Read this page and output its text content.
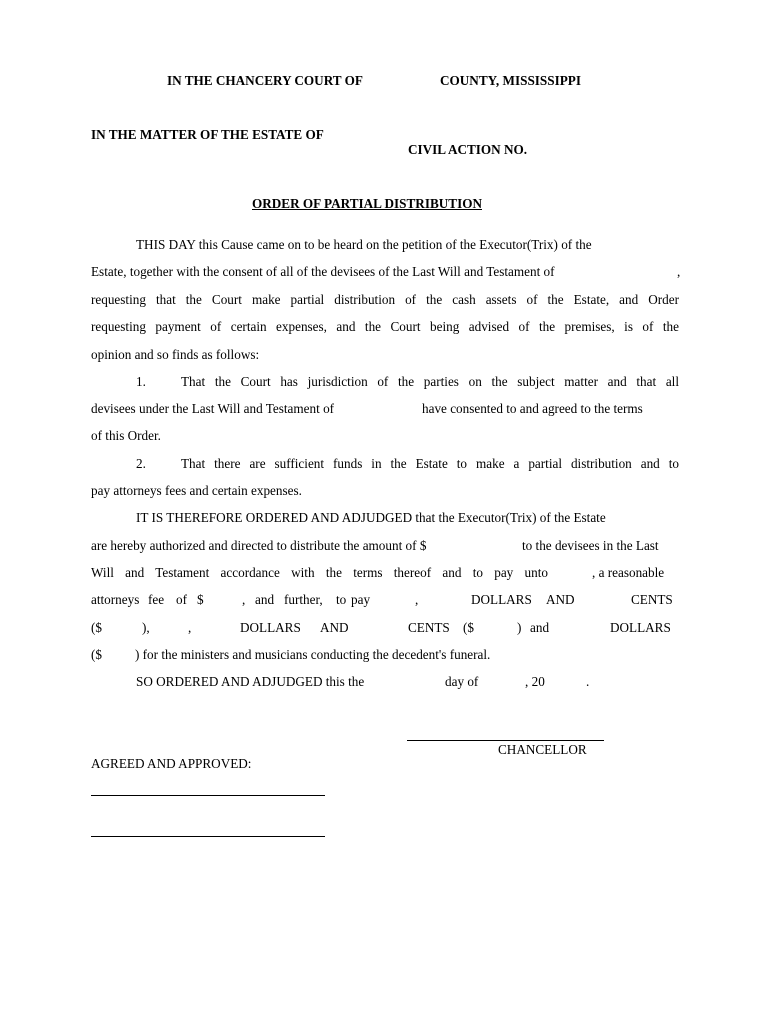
IN THE CHANCERY COURT OF	COUNTY, MISSISSIPPI
IN THE MATTER OF THE ESTATE OF
CIVIL ACTION NO.
ORDER OF PARTIAL DISTRIBUTION
THIS DAY this Cause came on to be heard on the petition of the Executor(Trix) of the
Estate, together with the consent of all of the devisees of the Last Will and Testament of	,
requesting that the Court make partial distribution of the cash assets of the Estate, and Order
requesting payment of certain expenses, and the Court being advised of the premises, is of the
opinion and so finds as follows:
1.	That the Court has jurisdiction of the parties on the subject matter and that all
devisees under the Last Will and Testament of	have consented to and agreed to the terms
of this Order.
2.	That there are sufficient funds in the Estate to make a partial distribution and to
pay attorneys fees and certain expenses.
IT IS THEREFORE ORDERED AND ADJUDGED that the Executor(Trix) of the Estate
are hereby authorized and directed to distribute the amount of $	to the devisees in the Last
Will and Testament accordance with the terms thereof and to pay unto	, a reasonable
attorneys fee of $	, and further, to pay	,	DOLLARS AND	CENTS
($	),	,	DOLLARS AND	CENTS ($	) and	DOLLARS
($          ) for the ministers and musicians conducting the decedent's funeral.
SO ORDERED AND ADJUDGED this the	day of	, 20	.
CHANCELLOR
AGREED AND APPROVED:
